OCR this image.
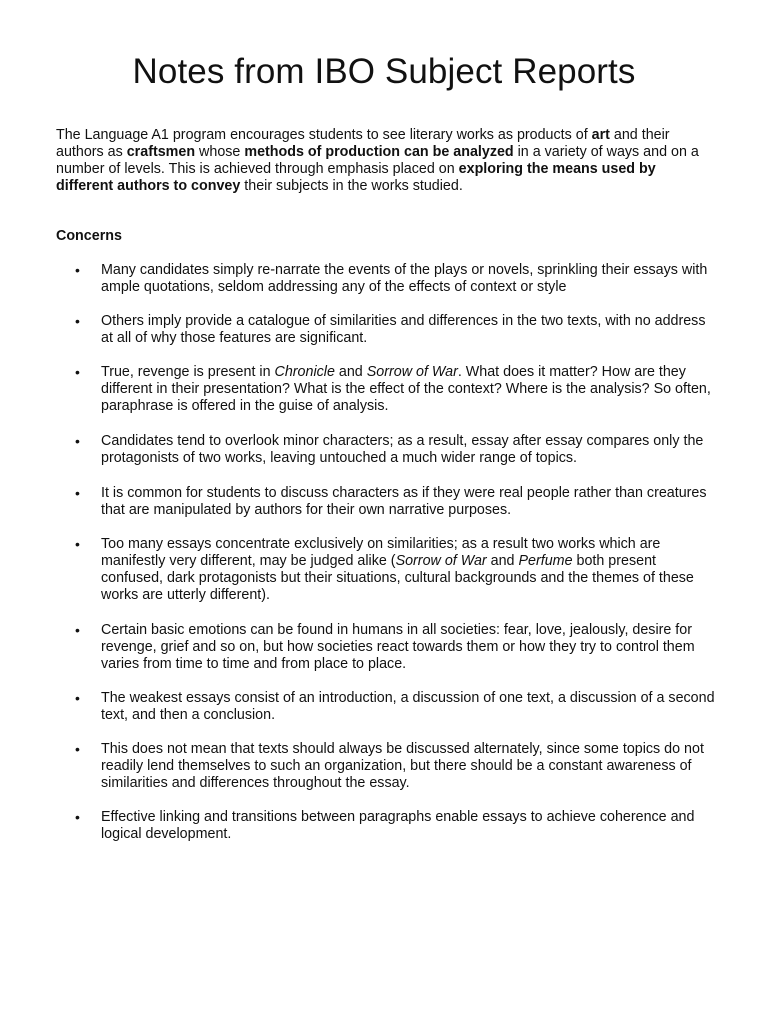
Notes from IBO Subject Reports

The Language A1 program encourages students to see literary works as products of art and their authors as craftsmen whose methods of production can be analyzed in a variety of ways and on a number of levels. This is achieved through emphasis placed on exploring the means used by different authors to convey their subjects in the works studied.

Concerns
• Many candidates simply re-narrate the events of the plays or novels, sprinkling their essays with ample quotations, seldom addressing any of the effects of context or style
• Others imply provide a catalogue of similarities and differences in the two texts, with no address at all of why those features are significant.
• True, revenge is present in Chronicle and Sorrow of War. What does it matter? How are they different in their presentation? What is the effect of the context? Where is the analysis? So often, paraphrase is offered in the guise of analysis.
• Candidates tend to overlook minor characters; as a result, essay after essay compares only the protagonists of two works, leaving untouched a much wider range of topics.
• It is common for students to discuss characters as if they were real people rather than creatures that are manipulated by authors for their own narrative purposes.
• Too many essays concentrate exclusively on similarities; as a result two works which are manifestly very different, may be judged alike (Sorrow of War and Perfume both present confused, dark protagonists but their situations, cultural backgrounds and the themes of these works are utterly different).
• Certain basic emotions can be found in humans in all societies: fear, love, jealously, desire for revenge, grief and so on, but how societies react towards them or how they try to control them varies from time to time and from place to place.
• The weakest essays consist of an introduction, a discussion of one text, a discussion of a second text, and then a conclusion.
• This does not mean that texts should always be discussed alternately, since some topics do not readily lend themselves to such an organization, but there should be a constant awareness of similarities and differences throughout the essay.
• Effective linking and transitions between paragraphs enable essays to achieve coherence and logical development.
